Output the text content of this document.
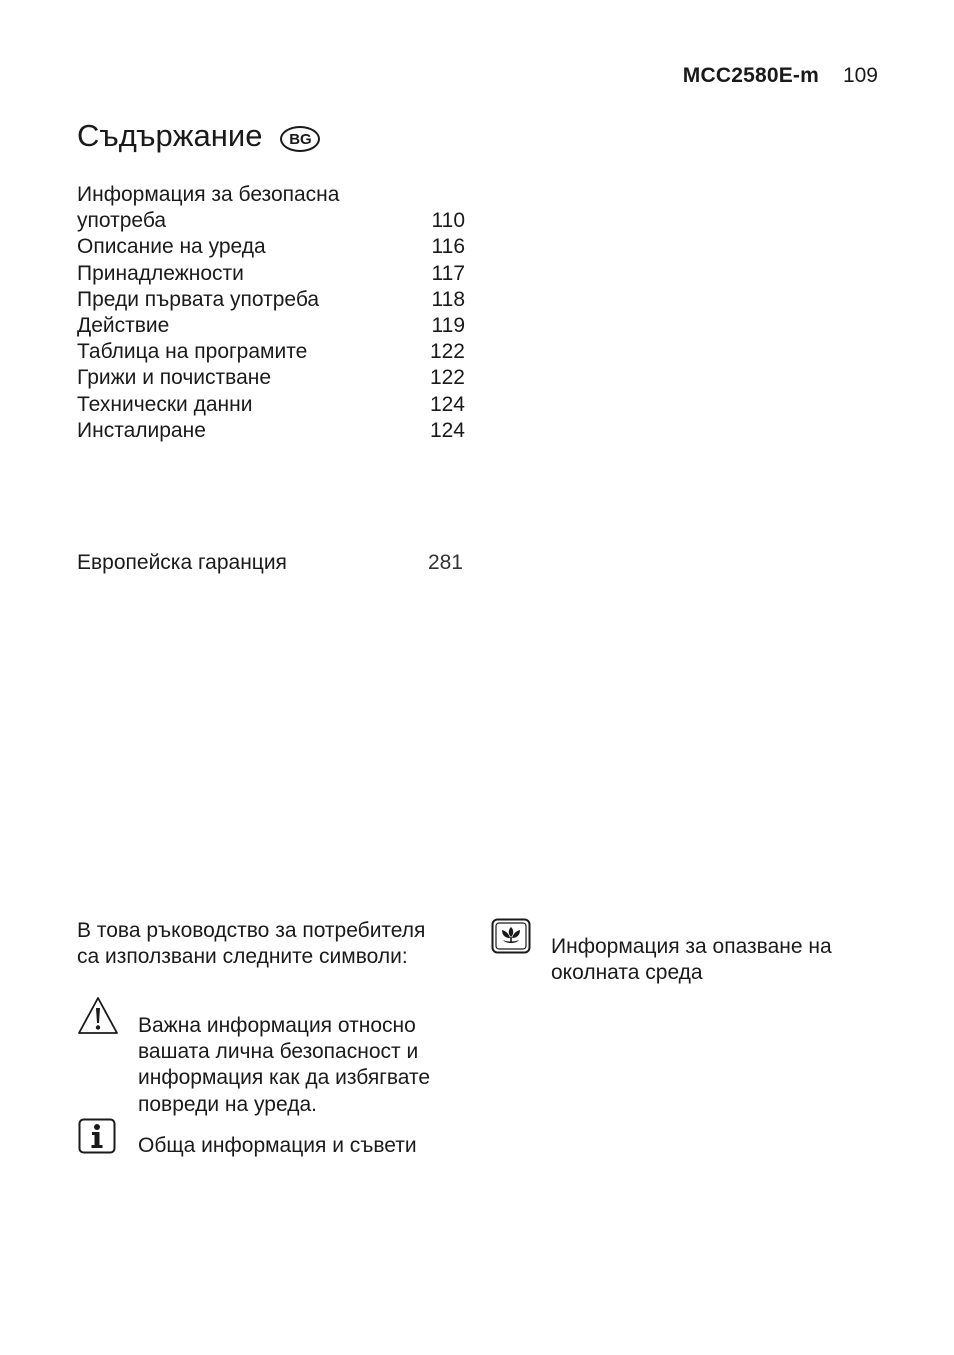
MCC2580E-m 109
Съдържание	BG
Информация за безопасна
употреба	110
Описание на уреда	116
Принадлежности	117
Преди първата употреба	118
Действие	119
Таблица на програмите	122
Грижи и почистване	122
Технически данни	124
Инсталиране	124
Европейска гаранция	281
В това ръководство за потребителя
са използвани следните символи:
Важна информация относно
вашата лична безопасност и
информация как да избягвате
повреди на уреда.
Обща информация и съвети
Информация за опазване на
околната среда
